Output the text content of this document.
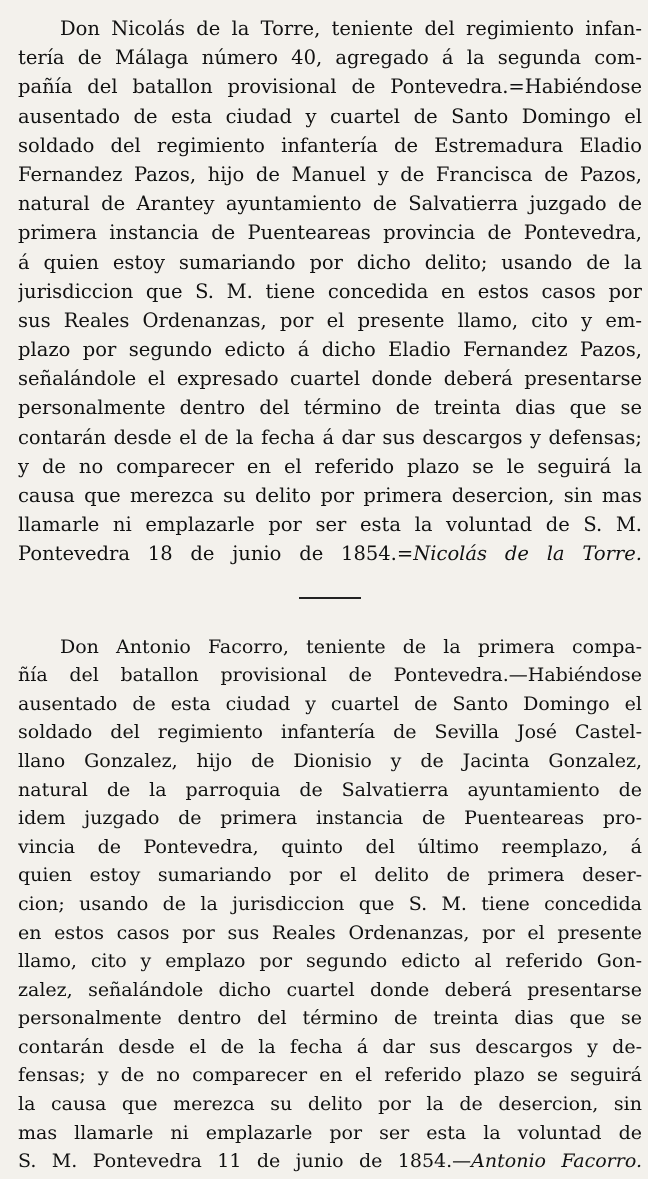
Don Nicolás de la Torre, teniente del regimiento infan-
tería de Málaga número 40, agregado á la segunda com-
pañía del batallon provisional de Pontevedra.=Habiéndose
ausentado de esta ciudad y cuartel de Santo Domingo el
soldado del regimiento infantería de Estremadura Eladio
Fernandez Pazos, hijo de Manuel y de Francisca de Pazos,
natural de Arantey ayuntamiento de Salvatierra juzgado de
primera instancia de Puenteareas provincia de Pontevedra,
á quien estoy sumariando por dicho delito; usando de la
jurisdiccion que S. M. tiene concedida en estos casos por
sus Reales Ordenanzas, por el presente llamo, cito y em-
plazo por segundo edicto á dicho Eladio Fernandez Pazos,
señalándole el expresado cuartel donde deberá presentarse
personalmente dentro del término de treinta dias que se
contarán desde el de la fecha á dar sus descargos y defensas;
y de no comparecer en el referido plazo se le seguirá la
causa que merezca su delito por primera desercion, sin mas
llamarle ni emplazarle por ser esta la voluntad de S. M.
Pontevedra 18 de junio de 1854.=Nicolás de la Torre.
Don Antonio Facorro, teniente de la primera compa-
ñía del batallon provisional de Pontevedra.—Habiéndose
ausentado de esta ciudad y cuartel de Santo Domingo el
soldado del regimiento infantería de Sevilla José Castel-
llano Gonzalez, hijo de Dionisio y de Jacinta Gonzalez,
natural de la parroquia de Salvatierra ayuntamiento de
idem juzgado de primera instancia de Puenteareas pro-
vincia de Pontevedra, quinto del último reemplazo, á
quien estoy sumariando por el delito de primera deser-
cion; usando de la jurisdiccion que S. M. tiene concedida
en estos casos por sus Reales Ordenanzas, por el presente
llamo, cito y emplazo por segundo edicto al referido Gon-
zalez, señalándole dicho cuartel donde deberá presentarse
personalmente dentro del término de treinta dias que se
contarán desde el de la fecha á dar sus descargos y de-
fensas; y de no comparecer en el referido plazo se seguirá
la causa que merezca su delito por la de desercion, sin
mas llamarle ni emplazarle por ser esta la voluntad de
S. M. Pontevedra 11 de junio de 1854.—Antonio Facorro.
